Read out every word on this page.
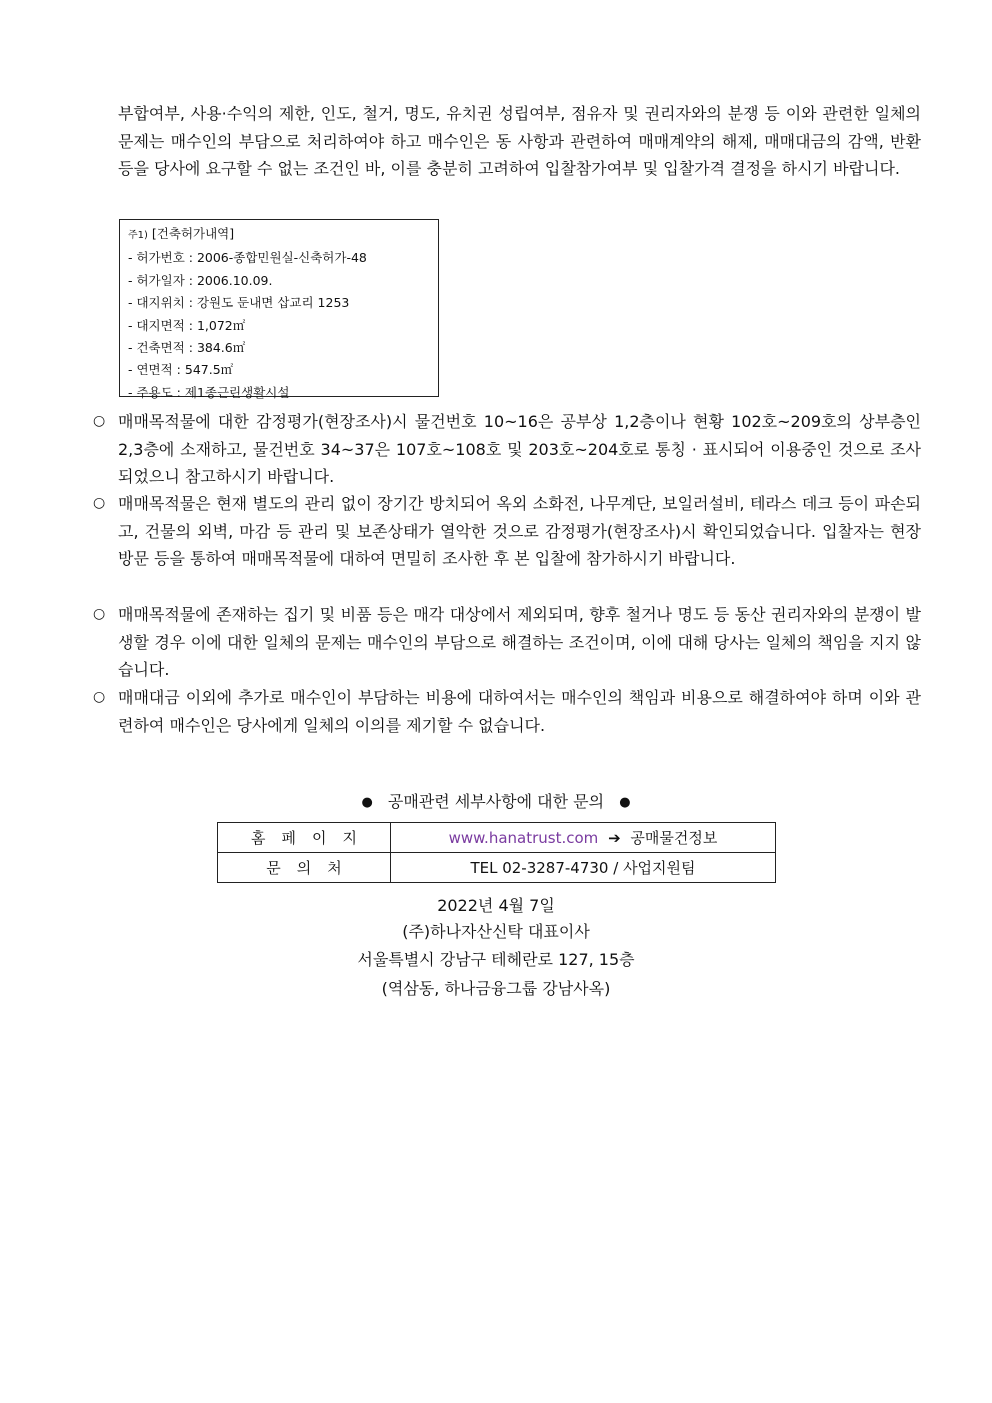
부합여부, 사용·수익의 제한, 인도, 철거, 명도, 유치권 성립여부, 점유자 및 권리자와의 분쟁 등 이와 관련한 일체의 문제는 매수인의 부담으로 처리하여야 하고 매수인은 동 사항과 관련하여 매매계약의 해제, 매매대금의 감액, 반환 등을 당사에 요구할 수 없는 조건인 바, 이를 충분히 고려하여 입찰참가여부 및 입찰가격 결정을 하시기 바랍니다.
주1) [건축허가내역]
- 허가번호 : 2006-종합민원실-신축허가-48
- 허가일자 : 2006.10.09.
- 대지위치 : 강원도 둔내면 삽교리 1253
- 대지면적 : 1,072㎡
- 건축면적 : 384.6㎡
- 연면적 : 547.5㎡
- 주용도 : 제1종근린생활시설
○ 매매목적물에 대한 감정평가(현장조사)시 물건번호 10~16은 공부상 1,2층이나 현황 102호~209호의 상부층인 2,3층에 소재하고, 물건번호 34~37은 107호~108호 및 203호~204호로 통칭 · 표시되어 이용중인 것으로 조사되었으니 참고하시기 바랍니다.
○ 매매목적물은 현재 별도의 관리 없이 장기간 방치되어 옥외 소화전, 나무계단, 보일러설비, 테라스 데크 등이 파손되고, 건물의 외벽, 마감 등 관리 및 보존상태가 열악한 것으로 감정평가(현장조사)시 확인되었습니다. 입찰자는 현장 방문 등을 통하여 매매목적물에 대하여 면밀히 조사한 후 본 입찰에 참가하시기 바랍니다.
○ 매매목적물에 존재하는 집기 및 비품 등은 매각 대상에서 제외되며, 향후 철거나 명도 등 동산 권리자와의 분쟁이 발생할 경우 이에 대한 일체의 문제는 매수인의 부담으로 해결하는 조건이며, 이에 대해 당사는 일체의 책임을 지지 않습니다.
○ 매매대금 이외에 추가로 매수인이 부담하는 비용에 대하여서는 매수인의 책임과 비용으로 해결하여야 하며 이와 관련하여 매수인은 당사에게 일체의 이의를 제기할 수 없습니다.
● 공매관련 세부사항에 대한 문의 ●
홈페이지	www.hanatrust.com ➔ 공매물건정보
문의처	TEL 02-3287-4730 / 사업지원팀
2022년 4월 7일
(주)하나자산신탁 대표이사
서울특별시 강남구 테헤란로 127, 15층
(역삼동, 하나금융그룹 강남사옥)
